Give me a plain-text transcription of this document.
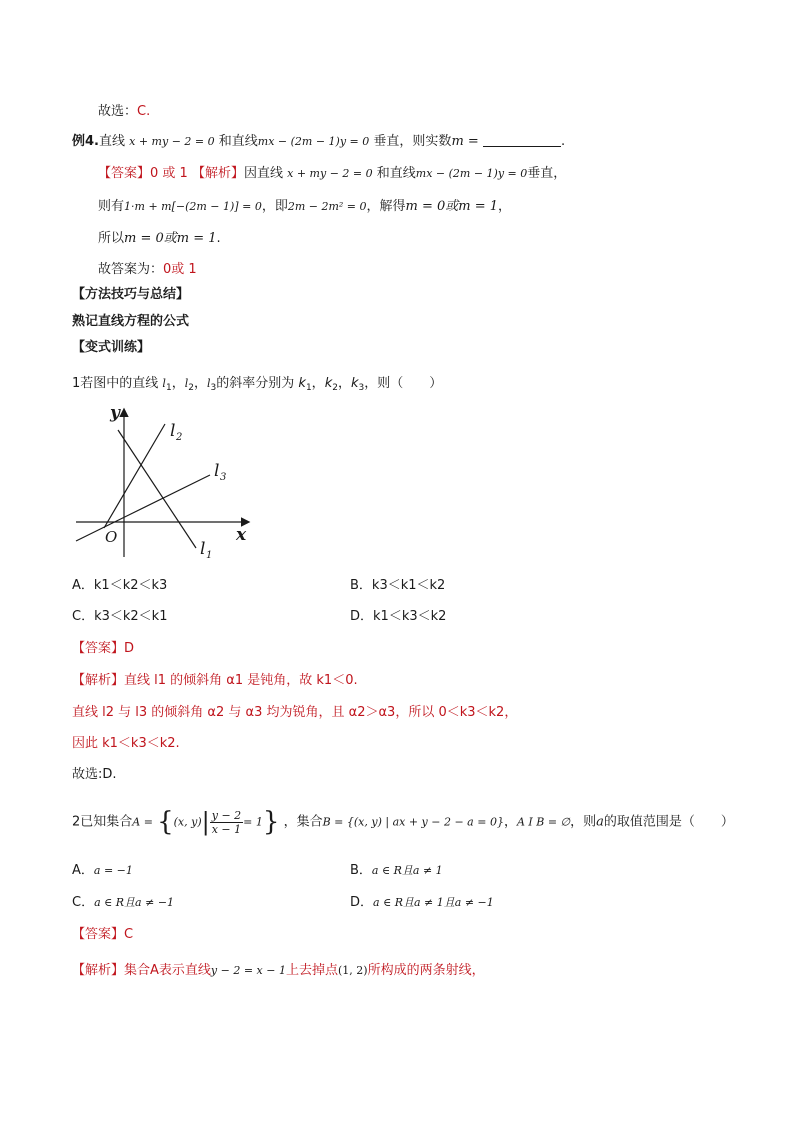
故选：C.
例4.直线 x + my − 2 = 0 和直线mx − (2m − 1)y = 0 垂直，则实数m =	.
【答案】0 或 1 【解析】因直线 x + my − 2 = 0 和直线mx − (2m − 1)y = 0垂直，
则有1·m + m[−(2m − 1)] = 0，即2m − 2m² = 0，解得m = 0或m = 1，
所以m = 0或m = 1.
故答案为：0或 1
【方法技巧与总结】
熟记直线方程的公式
【变式训练】
1若图中的直线 $l_1$，$l_2$，$l_3$的斜率分别为 $k_1$，$k_2$，$k_3$，则（　　）
y
x
O
l 2
l 3
l 1
A．k1＜k2＜k3	B．k3＜k1＜k2
C．k3＜k2＜k1	D．k1＜k3＜k2
【答案】D
【解析】直线 l1 的倾斜角 α1 是钝角，故 k1＜0.
直线 l2 与 l3 的倾斜角 α2 与 α3 均为锐角，且 α2＞α3，所以 0＜k3＜k2，
因此 k1＜k3＜k2.
故选:D.
2已知集合A = {(x, $y)| \frac{y - 2}{x - 1} = 1$} ，集合B = {(x, y) | ax + y − 2 − a = 0}，A I B = ∅，则a的取值范围是（　　）
A．a = −1	B．a ∈ R且a ≠ 1
C．a ∈ R且a ≠ −1	D．a ∈ R且a ≠ 1且a ≠ −1
【答案】C
【解析】集合A表示直线y − 2 = x − 1上去掉点(1, 2)所构成的两条射线，
